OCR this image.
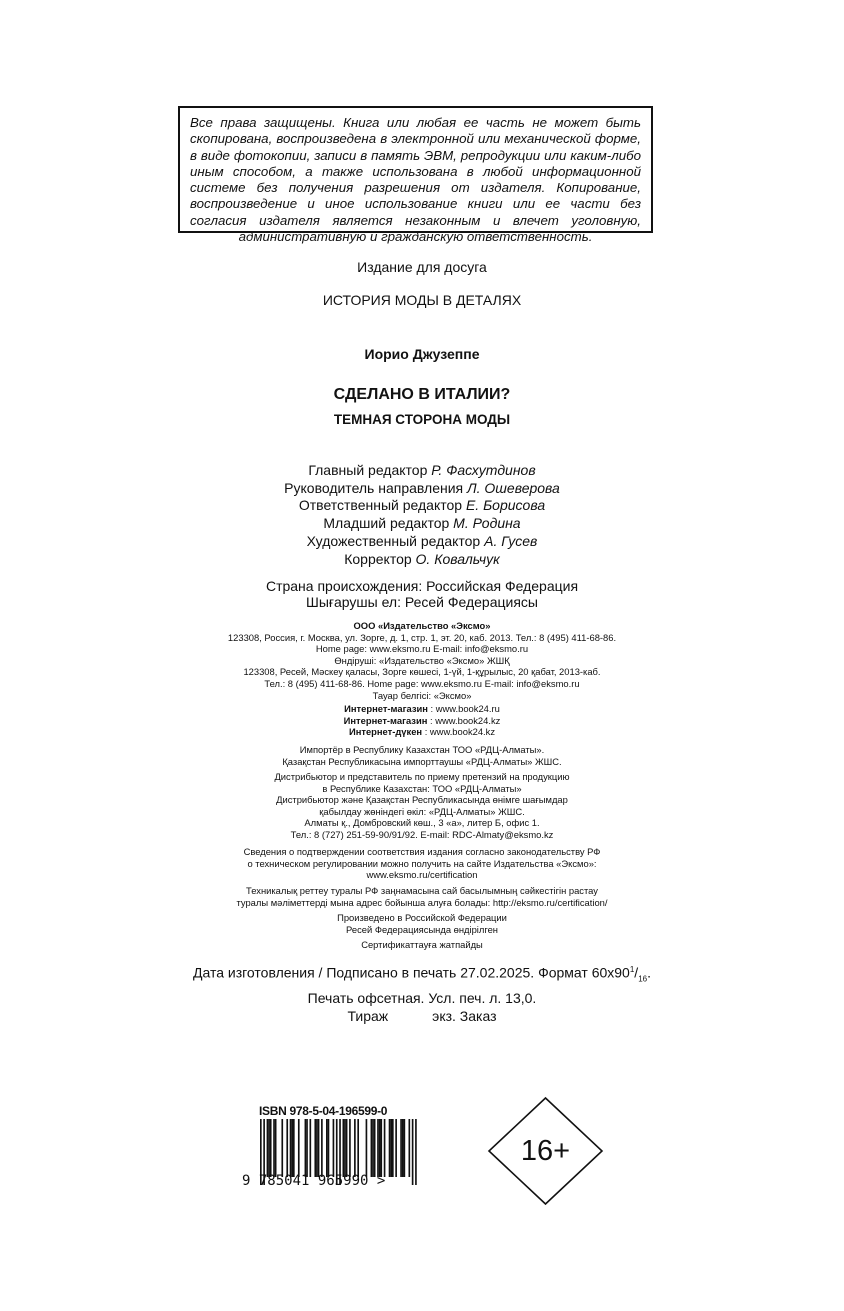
Все права защищены. Книга или любая ее часть не может быть скопирована, воспроизведена в электронной или механической форме, в виде фотокопии, записи в память ЭВМ, репродукции или каким-либо иным способом, а также использована в любой информационной системе без получения разрешения от издателя. Копирование, воспроизведение и иное использование книги или ее части без согласия издателя является незаконным и влечет уголовную, административную и гражданскую ответственность.

Издание для досуга
ИСТОРИЯ МОДЫ В ДЕТАЛЯХ
Иорио Джузеппе
СДЕЛАНО В ИТАЛИИ?
ТЕМНАЯ СТОРОНА МОДЫ
Главный редактор Р. Фасхутдинов
Руководитель направления Л. Ошеверова
Ответственный редактор Е. Борисова
Младший редактор М. Родина
Художественный редактор А. Гусев
Корректор О. Ковальчук
Страна происхождения: Российская Федерация
Шығарушы ел: Ресей Федерациясы
ООО «Издательство «Эксмо»
123308, Россия, г. Москва, ул. Зорге, д. 1, стр. 1, эт. 20, каб. 2013. Тел.: 8 (495) 411-68-86.
Home page: www.eksmo.ru E-mail: info@eksmo.ru
Өндіруші: «Издательство «Эксмо» ЖШҚ
123308, Ресей, Мәскеу қаласы, Зорге көшесі, 1-үй, 1-құрылыс, 20 қабат, 2013-каб.
Тел.: 8 (495) 411-68-86. Home page: www.eksmo.ru E-mail: info@eksmo.ru
Тауар белгісі: «Эксмо»
Интернет-магазин : www.book24.ru
Интернет-магазин : www.book24.kz
Интернет-дүкен : www.book24.kz
Импортёр в Республику Казахстан ТОО «РДЦ-Алматы».
Қазақстан Республикасына импорттаушы «РДЦ-Алматы» ЖШС.
Дистрибьютор и представитель по приему претензий на продукцию
в Республике Казахстан: ТОО «РДЦ-Алматы»
Дистрибьютор және Қазақстан Республикасында өнімге шағымдар
қабылдау жөніндегі өкіл: «РДЦ-Алматы» ЖШС.
Алматы қ., Домбровский көш., 3 «а», литер Б, офис 1.
Тел.: 8 (727) 251-59-90/91/92. E-mail: RDC-Almaty@eksmo.kz
Сведения о подтверждении соответствия издания согласно законодательству РФ
о техническом регулировании можно получить на сайте Издательства «Эксмо»:
www.eksmo.ru/certification
Техникалық реттеу туралы РФ заңнамасына сай басылымның сәйкестігін растау
туралы мәліметтерді мына адрес бойынша алуға болады: http://eksmo.ru/certification/
Произведено в Российской Федерации
Ресей Федерациясында өндірілген
Сертификаттауға жатпайды
Дата изготовления / Подписано в печать 27.02.2025. Формат $60x90^1/_{16}$.
Печать офсетная. Усл. печ. л. 13,0.
Тираж	экз. Заказ
ISBN 978-5-04-196599-0
9 785041 965990 >
16+
